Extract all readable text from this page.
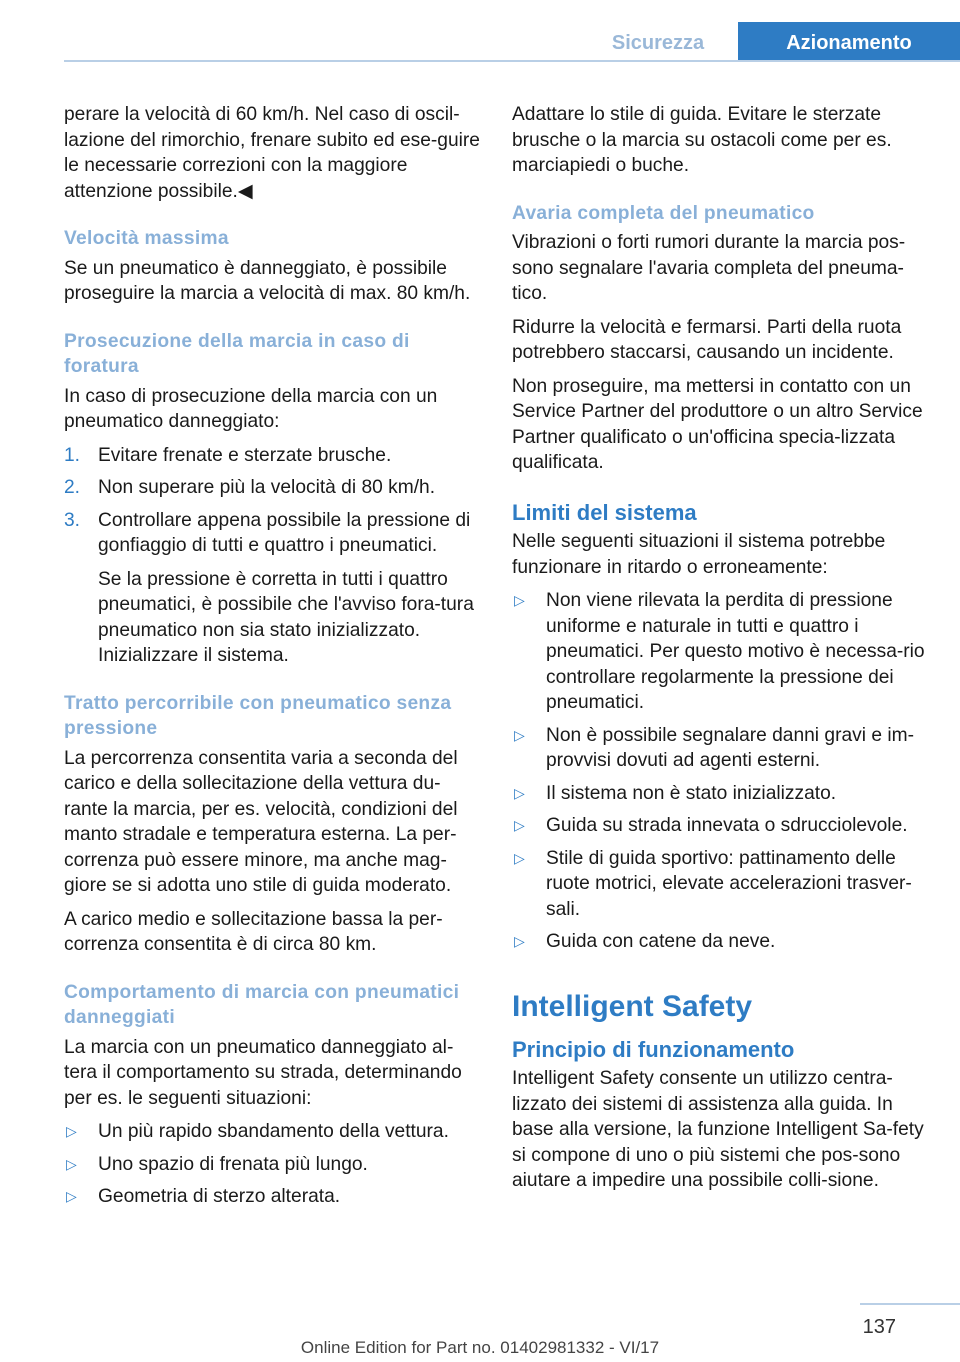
Sicurezza	Azionamento

perare la velocità di 60 km/h. Nel caso di oscil-lazione del rimorchio, frenare subito ed ese-guire le necessarie correzioni con la maggiore attenzione possibile.◀

Velocità massima

Se un pneumatico è danneggiato, è possibile proseguire la marcia a velocità di max. 80 km/h.

Prosecuzione della marcia in caso di foratura

In caso di prosecuzione della marcia con un pneumatico danneggiato:

1. Evitare frenate e sterzate brusche.
2. Non superare più la velocità di 80 km/h.
3. Controllare appena possibile la pressione di gonfiaggio di tutti e quattro i pneumatici.

Se la pressione è corretta in tutti i quattro pneumatici, è possibile che l'avviso fora-tura pneumatico non sia stato inizializzato. Inizializzare il sistema.

Tratto percorribile con pneumatico senza pressione

La percorrenza consentita varia a seconda del carico e della sollecitazione della vettura du-rante la marcia, per es. velocità, condizioni del manto stradale e temperatura esterna. La per-correnza può essere minore, ma anche mag-giore se si adotta uno stile di guida moderato.

A carico medio e sollecitazione bassa la per-correnza consentita è di circa 80 km.

Comportamento di marcia con pneumatici danneggiati

La marcia con un pneumatico danneggiato al-tera il comportamento su strada, determinando per es. le seguenti situazioni:

▷ Un più rapido sbandamento della vettura.
▷ Uno spazio di frenata più lungo.
▷ Geometria di sterzo alterata.

Adattare lo stile di guida. Evitare le sterzate brusche o la marcia su ostacoli come per es. marciapiedi o buche.

Avaria completa del pneumatico

Vibrazioni o forti rumori durante la marcia pos-sono segnalare l'avaria completa del pneuma-tico.

Ridurre la velocità e fermarsi. Parti della ruota potrebbero staccarsi, causando un incidente.

Non proseguire, ma mettersi in contatto con un Service Partner del produttore o un altro Service Partner qualificato o un'officina specia-lizzata qualificata.

Limiti del sistema

Nelle seguenti situazioni il sistema potrebbe funzionare in ritardo o erroneamente:

▷ Non viene rilevata la perdita di pressione uniforme e naturale in tutti e quattro i pneumatici. Per questo motivo è necessa-rio controllare regolarmente la pressione dei pneumatici.
▷ Non è possibile segnalare danni gravi e im-provvisi dovuti ad agenti esterni.
▷ Il sistema non è stato inizializzato.
▷ Guida su strada innevata o sdrucciolevole.
▷ Stile di guida sportivo: pattinamento delle ruote motrici, elevate accelerazioni trasver-sali.
▷ Guida con catene da neve.
Intelligent Safety
Principio di funzionamento

Intelligent Safety consente un utilizzo centra-lizzato dei sistemi di assistenza alla guida. In base alla versione, la funzione Intelligent Sa-fety si compone di uno o più sistemi che pos-sono aiutare a impedire una possibile colli-sione.

137
Online Edition for Part no. 01402981332 - VI/17
